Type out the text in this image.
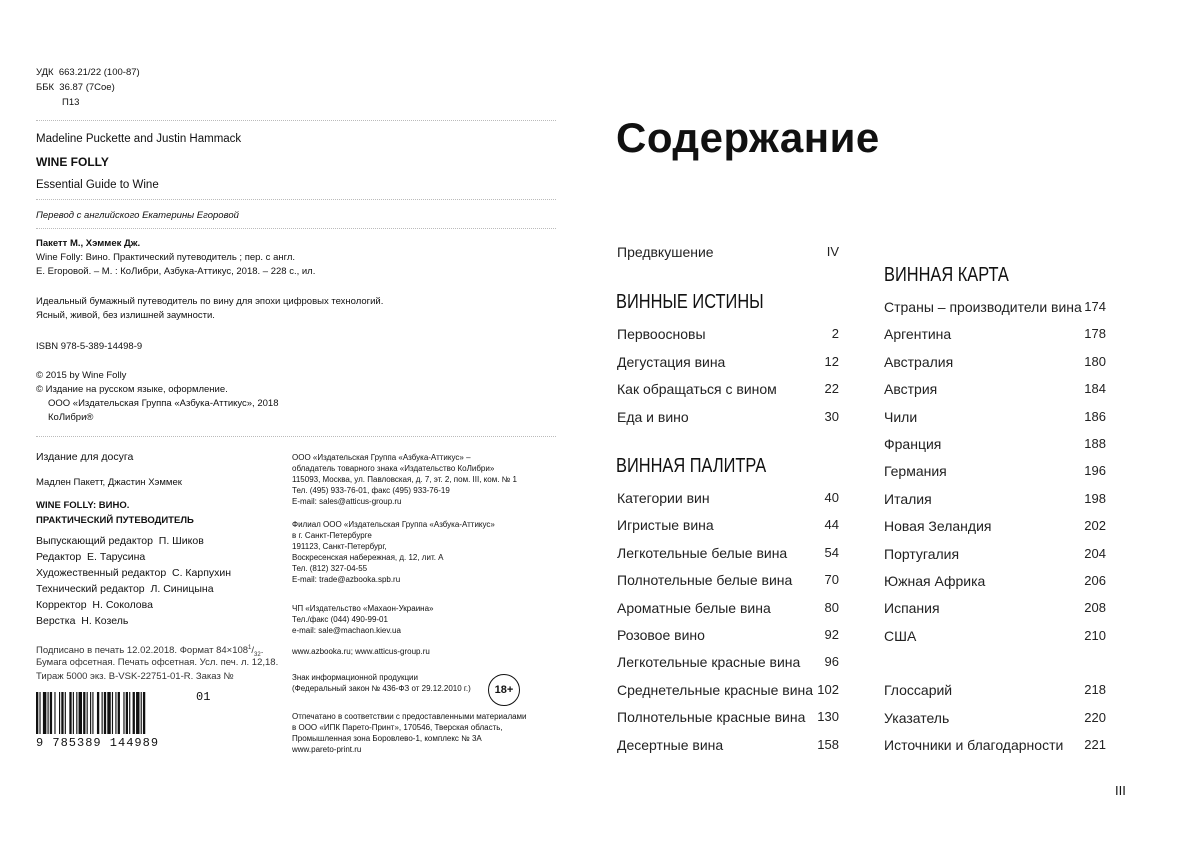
УДК 663.21/22 (100-87)
ББК 36.87 (7Сое)
П13
Madeline Puckette and Justin Hammack
WINE FOLLY
Essential Guide to Wine
Перевод с английского Екатерины Егоровой
Пакетт М., Хэммек Дж.
Wine Folly: Вино. Практический путеводитель ; пер. с англ.
Е. Егоровой. – М. : КоЛибри, Азбука-Аттикус, 2018. – 228 с., ил.
Идеальный бумажный путеводитель по вину для эпохи цифровых технологий.
Ясный, живой, без излишней заумности.
ISBN 978-5-389-14498-9
© 2015 by Wine Folly
© Издание на русском языке, оформление.
ООО «Издательская Группа «Азбука-Аттикус», 2018
КоЛибри®
Издание для досуга
Мадлен Пакетт, Джастин Хэммек
WINE FOLLY: ВИНО.
ПРАКТИЧЕСКИЙ ПУТЕВОДИТЕЛЬ
Выпускающий редактор П. Шиков
Редактор Е. Тарусина
Художественный редактор С. Карпухин
Технический редактор Л. Синицына
Корректор Н. Соколова
Верстка Н. Козель
Подписано в печать 12.02.2018. Формат $84\times 108^1/_{32}$.
Бумага офсетная. Печать офсетная. Усл. печ. л. 12,18.
Тираж 5000 экз. B-VSK-22751-01-R. Заказ №
9 785389 144989
01
ООО «Издательская Группа «Азбука-Аттикус» –
обладатель товарного знака «Издательство КоЛибри»
115093, Москва, ул. Павловская, д. 7, эт. 2, пом. III, ком. № 1
Тел. (495) 933-76-01, факс (495) 933-76-19
E-mail: sales@atticus-group.ru
Филиал ООО «Издательская Группа «Азбука-Аттикус»
в г. Санкт-Петербурге
191123, Санкт-Петербург,
Воскресенская набережная, д. 12, лит. А
Тел. (812) 327-04-55
E-mail: trade@azbooka.spb.ru
ЧП «Издательство «Махаон-Украина»
Тел./факс (044) 490-99-01
e-mail: sale@machaon.kiev.ua
www.azbooka.ru; www.atticus-group.ru
Знак информационной продукции
(Федеральный закон № 436-ФЗ от 29.12.2010 г.)	18+
Отпечатано в соответствии с предоставленными материалами
в ООО «ИПК Парето-Принт», 170546, Тверская область,
Промышленная зона Боровлево-1, комплекс № 3А
www.pareto-print.ru
Содержание
Предвкушение	IV
ВИННЫЕ ИСТИНЫ
Первоосновы	2
Дегустация вина	12
Как обращаться с вином	22
Еда и вино	30
ВИННАЯ ПАЛИТРА
Категории вин	40
Игристые вина	44
Легкотельные белые вина	54
Полнотельные белые вина 70
Ароматные белые вина	80
Розовое вино	92
Легкотельные красные вина 96
Среднетельные красные вина 102
Полнотельные красные вина 130
Десертные вина	158
ВИННАЯ КАРТА
Страны – производители вина 174
Аргентина	178
Австралия	180
Австрия	184
Чили	186
Франция	188
Германия	196
Италия	198
Новая Зеландия	202
Португалия	204
Южная Африка	206
Испания	208
США	210
Глоссарий	218
Указатель	220
Источники и благодарности 221
III
